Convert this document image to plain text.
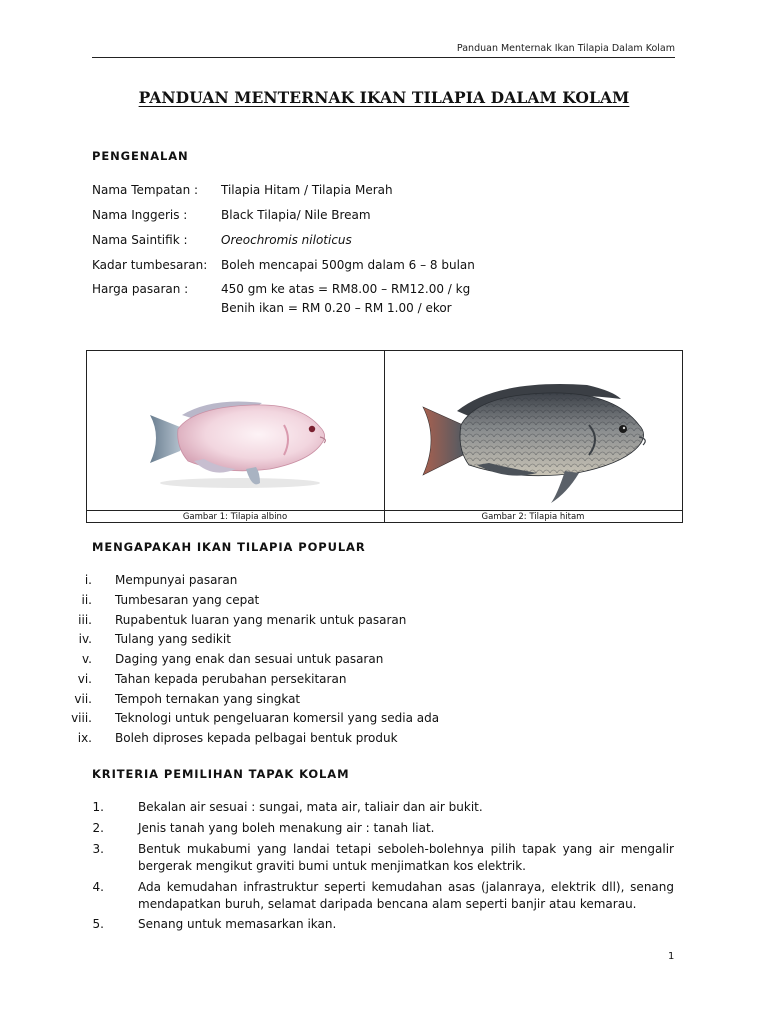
Panduan Menternak Ikan Tilapia Dalam Kolam
PANDUAN MENTERNAK IKAN TILAPIA DALAM KOLAM
PENGENALAN
Nama Tempatan : Tilapia Hitam / Tilapia Merah
Nama Inggeris :	Black Tilapia/ Nile Bream
Nama Saintifik :	Oreochromis niloticus
Kadar tumbesaran: Boleh mencapai 500gm dalam 6 – 8 bulan
Harga pasaran :	450 gm ke atas = RM8.00 – RM12.00 / kg
Benih ikan = RM 0.20 – RM 1.00 / ekor
Gambar 1: Tilapia albino	Gambar 2: Tilapia hitam
MENGAPAKAH IKAN TILAPIA POPULAR
i. Mempunyai pasaran
ii. Tumbesaran yang cepat
iii. Rupabentuk luaran yang menarik untuk pasaran
iv. Tulang yang sedikit
v. Daging yang enak dan sesuai untuk pasaran
vi. Tahan kepada perubahan persekitaran
vii. Tempoh ternakan yang singkat
viii. Teknologi untuk pengeluaran komersil yang sedia ada
ix. Boleh diproses kepada pelbagai bentuk produk
KRITERIA PEMILIHAN TAPAK KOLAM
1.	Bekalan air sesuai : sungai, mata air, taliair dan air bukit.
2.	Jenis tanah yang boleh menakung air : tanah liat.
3.	Bentuk mukabumi yang landai tetapi seboleh-bolehnya pilih tapak yang air mengalir bergerak mengikut graviti bumi untuk menjimatkan kos elektrik.
4.	Ada kemudahan infrastruktur seperti kemudahan asas (jalanraya, elektrik dll), senang mendapatkan buruh, selamat daripada bencana alam seperti banjir atau kemarau.
5.	Senang untuk memasarkan ikan.
1
